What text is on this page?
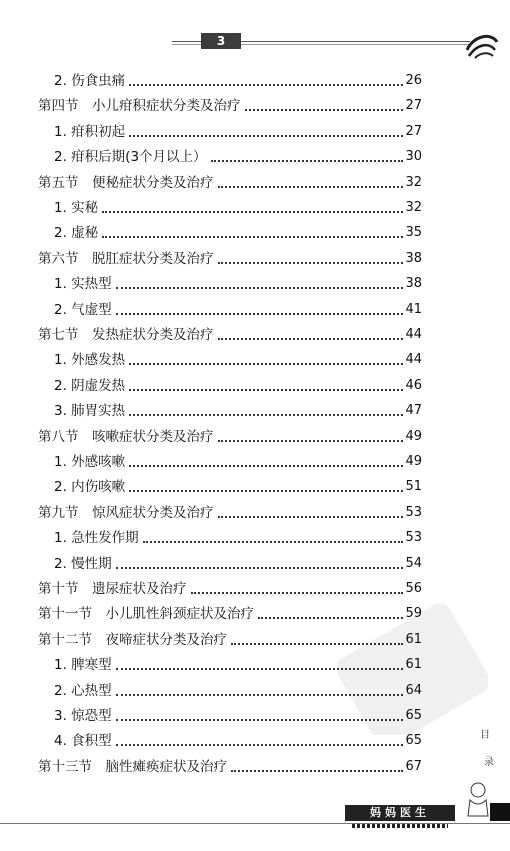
3
2. 伤食虫痛	26
第四节　小儿疳积症状分类及治疗	27
1. 疳积初起	27
2. 疳积后期(3个月以上）	30
第五节　便秘症状分类及治疗	32
1. 实秘	32
2. 虚秘	35
第六节　脱肛症状分类及治疗	38
1. 实热型	38
2. 气虚型	41
第七节　发热症状分类及治疗	44
1. 外感发热	44
2. 阴虚发热	46
3. 肺胃实热	47
第八节　咳嗽症状分类及治疗	49
1. 外感咳嗽	49
2. 内伤咳嗽	51
第九节　惊风症状分类及治疗	53
1. 急性发作期	53
2. 慢性期	54
第十节　遗尿症状及治疗	56
第十一节　小儿肌性斜颈症状及治疗	59
第十二节　夜啼症状分类及治疗	61
1. 脾寒型	61
2. 心热型	64
3. 惊恐型	65
4. 食积型	65
第十三节　脑性瘫痪症状及治疗	67
目
录
妈妈医生
